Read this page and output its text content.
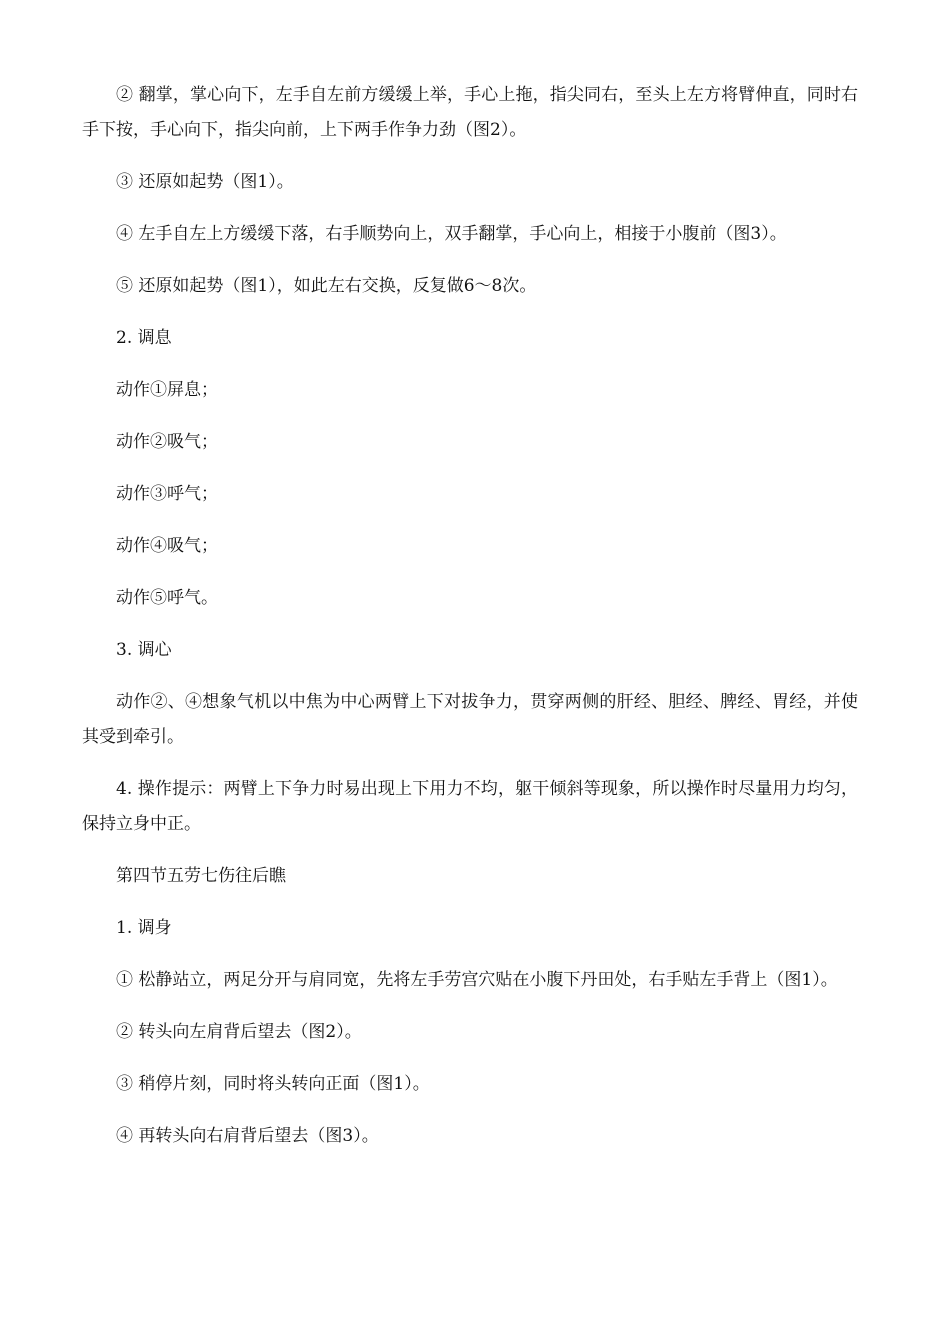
② 翻掌，掌心向下，左手自左前方缓缓上举，手心上拖，指尖同右，至头上左方将臂伸直，同时右手下按，手心向下，指尖向前，上下两手作争力劲（图2）。

③ 还原如起势（图1）。

④ 左手自左上方缓缓下落，右手顺势向上，双手翻掌，手心向上，相接于小腹前（图3）。

⑤ 还原如起势（图1），如此左右交换，反复做6～8次。

2. 调息

动作①屏息；

动作②吸气；

动作③呼气；

动作④吸气；

动作⑤呼气。

3. 调心

动作②、④想象气机以中焦为中心两臂上下对拔争力，贯穿两侧的肝经、胆经、脾经、胃经，并使其受到牵引。

4. 操作提示：两臂上下争力时易出现上下用力不均，躯干倾斜等现象，所以操作时尽量用力均匀，保持立身中正。

第四节五劳七伤往后瞧

1. 调身

① 松静站立，两足分开与肩同宽，先将左手劳宫穴贴在小腹下丹田处，右手贴左手背上（图1）。

② 转头向左肩背后望去（图2）。

③ 稍停片刻，同时将头转向正面（图1）。

④ 再转头向右肩背后望去（图3）。
